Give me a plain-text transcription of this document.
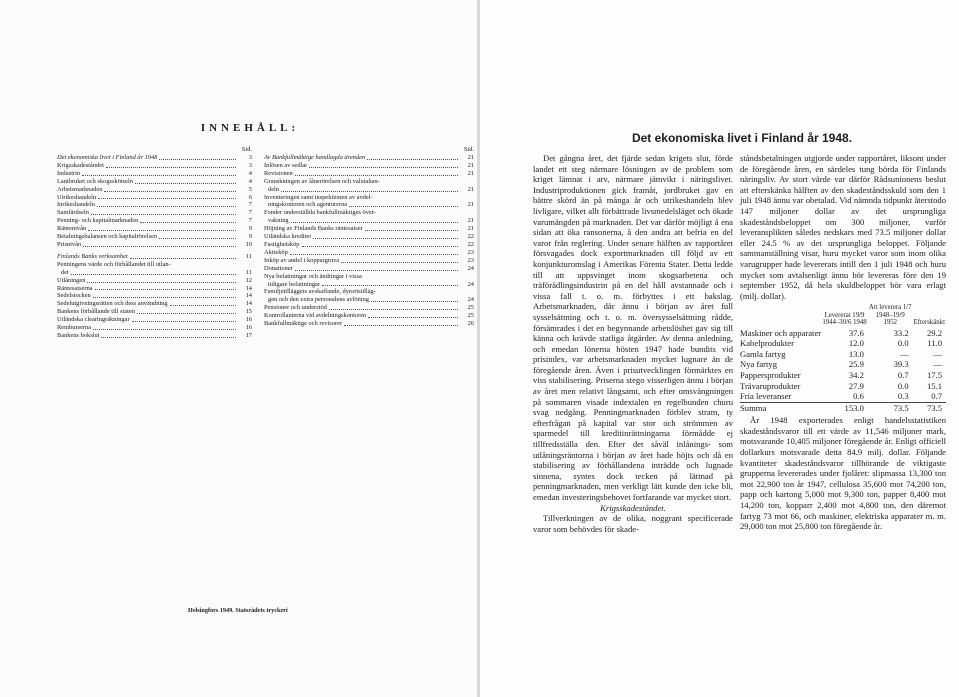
INNEHÅLL:
Sid.
Det ekonomiska livet i Finland år 1948	3
Krigsskadeståndet	3
Industrin	4
Lantbruket och skogsskötseln	4
Arbetsmarknaden	5
Utrikeshandeln	6
Inrikeshandeln	7
Samfärdseln	7
Penning- och kapitalmarknaden	7
Räntenivån	9
Betalningsbalansen och kapitalrörelsen	9
Prisnivån	10
Finlands Banks verksamhet	11
Penningens värde och förhållandet till utlan-
det	11
Utlåningen	12
Räntesatserna	14
Sedelstocken	14
Sedelutgivningsrätten och dess användning	14
Bankens förhållande till staten	15
Utländska clearingräkningar	16
Remburserna	16
Bankens bokslut	17
Sid.
Av Bankfullmäktige handlagda ärenden	21
Inlösen av sedlar	21
Revisionen	21
Granskningen av lånerörelsen och valutahan-
deln	21
Inventeringen samt inspektionen av avdel-
ningskontoren och agenturerna	21
Fonder underställda bankfullmäktiges över-
vakning	21
Höjning av Finlands Banks räntesatser	21
Utländska krediter	22
Fastighetsköp	22
Aktieköp	23
Inköp av andel i koppargruva	23
Donationer	24
Nya befattningar och ändringar i vissa
tidigare befattningar	24
Familjetilläggets avskaffande, dyrortstilläg-
gen och den extra personalens avlöning	24
Pensioner och understöd	25
Kontrollanterna vid avdelningskontoren	25
Bankfullmäktige och revisorer	26
Helsingfors 1949. Statsrådets tryckeri
Det ekonomiska livet i Finland år 1948.

Det gångna året, det fjärde sedan krigets slut, förde landet ett steg närmare lösningen av de problem som kriget lämnat i arv, närmare jämvikt i näringslivet. Industriproduktionen gick framåt, jordbruket gav en bättre skörd än på många år och utrikeshandeln blev livligare, vilket allt förbättrade livsmedelsläget och ökade varumängden på marknaden. Det var därför möjligt å ena sidan att öka ransonerna, å den andra att befria en del varor från reglering. Under senare hälften av rapportåret försvagades dock exportmarknaden till följd av ett konjunkturomslag i Amerikas Förenta Stater. Detta ledde till att uppsvinget inom skogsarbetena och träförädlingsindustrin på en del håll avstannade och i vissa fall t. o. m. förbyttes i ett bakslag. Arbetsmarknaden, där ännu i början av året full sysselsättning och t. o. m. översysselsättning rådde, försämrades i det en begynnande arbetslöshet gav sig till känna och krävde statliga åtgärder. Av denna anledning, och emedan lönerna hösten 1947 hade bundits vid prisindex, var arbetsmarknaden mycket lugnare än de föregående åren. Även i prisutvecklingen förmärktes en viss stabilisering. Priserna stego visserligen ännu i början av året men relativt långsamt, och efter omsvängningen på sommaren visade indextalen en regelbunden churu svag nedgång. Penningmarknaden förblev stram, ty efterfrågan på kapital var stor och strömmen av sparmedel till kreditinrättningarna förmådde ej tillfredsställa den. Efter det såväl inlånings- som utlåningsräntorna i början av året hade höjts och då en stabilisering av förhållandena inträdde och lugnade sinnena, syntes dock tecken på lättnad på penningmarknaden, men verkligt lätt kunde den icke bli, emedan investeringsbehovet fortfarande var mycket stort.

Krigsskadeståndet.

Tillverkningen av de olika, noggrant specificerade varor som behövdes för skade-

ståndsbetalningen utgjorde under rapportåret, liksom under de föregående åren, en särdeles tung börda för Finlands näringsliv. Av stort värde var därför Rådsunionens beslut att efterskänka hälften av den skadeståndsskuld som den 1 juli 1948 ännu var obetalad. Vid nämnda tidpunkt återstodo 147 miljoner dollar av det ursprungliga skadeståndsbeloppet om 300 miljoner, varför leveransplikten således nedskars med 73.5 miljoner dollar eller 24.5 % av det ursprungliga beloppet. Följande sammanställning visar, huru mycket varor som inom olika varugrupper hade levererats intill den 1 juli 1948 och huru mycket som avtalsenligt ännu bör levereras före den 19 september 1952, då hela skuldbeloppet bör vara erlagt (milj. dollar).

	Levererat 19/9 1944–30/6 1948	Att leverera 1/7 1948–19/9 1952	Efterskänkt
Maskiner och apparater	37.6	33.2	29.2
Kabelprodukter	12.0	0.0	11.0
Gamla fartyg	13.0	—	—
Nya fartyg	25.9	39.3	—
Pappersprodukter	34.2	0.7	17.5
Trävaruprodukter	27.9	0.0	15.1
Fria leveranser	0.6	0.3	0.7
Summa	153.0	73.5	73.5

År 1948 exporterades enligt handelsstatistiken skadeståndsvaror till ett värde av 11,546 miljoner mark, motsvarande 10,405 miljoner föregående år. Enligt officiell dollarkurs motsvarade detta 84.9 milj. dollar. Följande kvantiteter skadeståndsvaror tillhörande de viktigaste grupperna levererades under fjolåret: slipmassa 13,300 ton mot 22,900 ton år 1947, cellulosa 35,600 mot 74,200 ton, papp och kartong 5,000 mot 9,300 ton, papper 8,400 mot 14,200 ton, kopparr 2,400 mot 4,800 ton, den däremot fartyg 73 mot 66, och maskiner, elektriska apparater m. m. 29,000 ton mot 25,800 ton föregående år.
